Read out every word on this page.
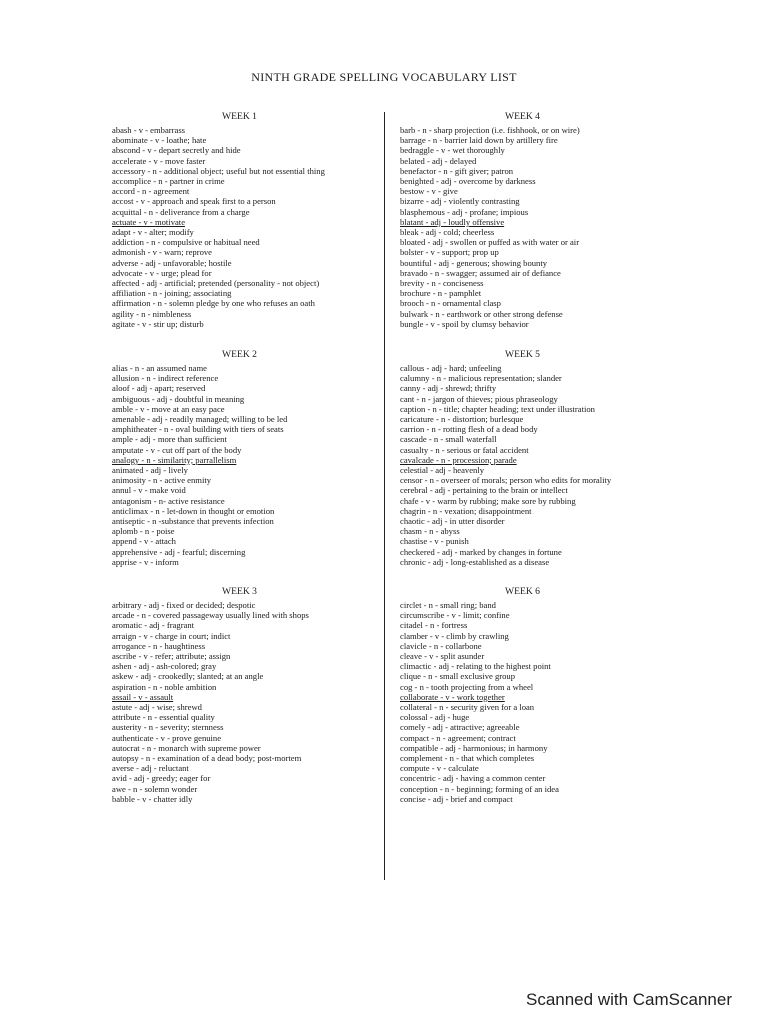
NINTH GRADE SPELLING VOCABULARY LIST
WEEK 1
abash - v - embarrass
abominate - v - loathe; hate
abscond - v - depart secretly and hide
accelerate - v - move faster
accessory - n - additional object; useful but not essential thing
accomplice - n - partner in crime
accord - n - agreement
accost - v - approach and speak first to a person
acquittal - n - deliverance from a charge
actuate - v - motivate
adapt - v - alter; modify
addiction - n - compulsive or habitual need
admonish - v - warn; reprove
adverse - adj - unfavorable; hostile
advocate - v - urge; plead for
affected - adj - artificial; pretended (personality - not object)
affiliation - n - joining; associating
affirmation - n - solemn pledge by one who refuses an oath
agility - n - nimbleness
agitate - v - stir up; disturb
WEEK 2
alias - n - an assumed name
allusion - n - indirect reference
aloof - adj - apart; reserved
ambiguous - adj - doubtful in meaning
amble - v - move at an easy pace
amenable - adj - readily managed; willing to be led
amphitheater - n - oval building with tiers of seats
ample - adj - more than sufficient
amputate - v - cut off part of the body
analogy - n - similarity; parrallelism
animated - adj - lively
animosity - n - active enmity
annul - v - make void
antagonism - n- active resistance
anticlimax - n - let-down in thought or emotion
antiseptic - n -substance that prevents infection
aplomb - n - poise
append - v - attach
apprehensive - adj - fearful; discerning
apprise - v - inform
WEEK 3
arbitrary - adj - fixed or decided; despotic
arcade - n - covered passageway usually lined with shops
aromatic - adj - fragrant
arraign - v - charge in court; indict
arrogance - n - haughtiness
ascribe - v - refer; attribute; assign
ashen - adj - ash-colored; gray
askew - adj - crookedly; slanted; at an angle
aspiration - n - noble ambition
assail - v - assault
astute - adj - wise; shrewd
attribute - n - essential quality
austerity - n - severity; sternness
authenticate - v - prove genuine
autocrat - n - monarch with supreme power
autopsy - n - examination of a dead body; post-mortem
averse - adj - reluctant
avid - adj - greedy; eager for
awe - n - solemn wonder
babble - v - chatter idly
WEEK 4
barb - n - sharp projection (i.e. fishhook, or on wire)
barrage - n - barrier laid down by artillery fire
bedraggle - v - wet thoroughly
belated - adj - delayed
benefactor - n - gift giver; patron
benighted - adj - overcome by darkness
bestow - v - give
bizarre - adj - violently contrasting
blasphemous - adj - profane; impious
blatant - adj - loudly offensive
bleak - adj - cold; cheerless
bloated - adj - swollen or puffed as with water or air
bolster - v - support; prop up
bountiful - adj - generous; showing bounty
bravado - n - swagger; assumed air of defiance
brevity - n - conciseness
brochure - n - pamphlet
brooch - n - ornamental clasp
bulwark - n - earthwork or other strong defense
bungle - v - spoil by clumsy behavior
WEEK 5
callous - adj - hard; unfeeling
calumny - n - malicious representation; slander
canny - adj - shrewd; thrifty
cant - n - jargon of thieves; pious phraseology
caption - n - title; chapter heading; text under illustration
caricature - n - distortion; burlesque
carrion - n - rotting flesh of a dead body
cascade - n - small waterfall
casualty - n - serious or fatal accident
cavalcade - n - procession; parade
celestial - adj - heavenly
censor - n - overseer of morals; person who edits for morality
cerebral - adj - pertaining to the brain or intellect
chafe - v - warm by rubbing; make sore by rubbing
chagrin - n - vexation; disappointment
chaotic - adj - in utter disorder
chasm - n - abyss
chastise - v - punish
checkered - adj - marked by changes in fortune
chronic - adj - long-established as a disease
WEEK 6
circlet - n - small ring; band
circumscribe - v - limit; confine
citadel - n - fortress
clamber - v - climb by crawling
clavicle - n - collarbone
cleave - v - split asunder
climactic - adj - relating to the highest point
clique - n - small exclusive group
cog - n - tooth projecting from a wheel
collaborate - v - work together
collateral - n - security given for a loan
colossal - adj - huge
comely - adj - attractive; agreeable
compact - n - agreement; contract
compatible - adj - harmonious; in harmony
complement - n - that which completes
compute - v - calculate
concentric - adj - having a common center
conception - n - beginning; forming of an idea
concise - adj - brief and compact
Scanned with CamScanner
